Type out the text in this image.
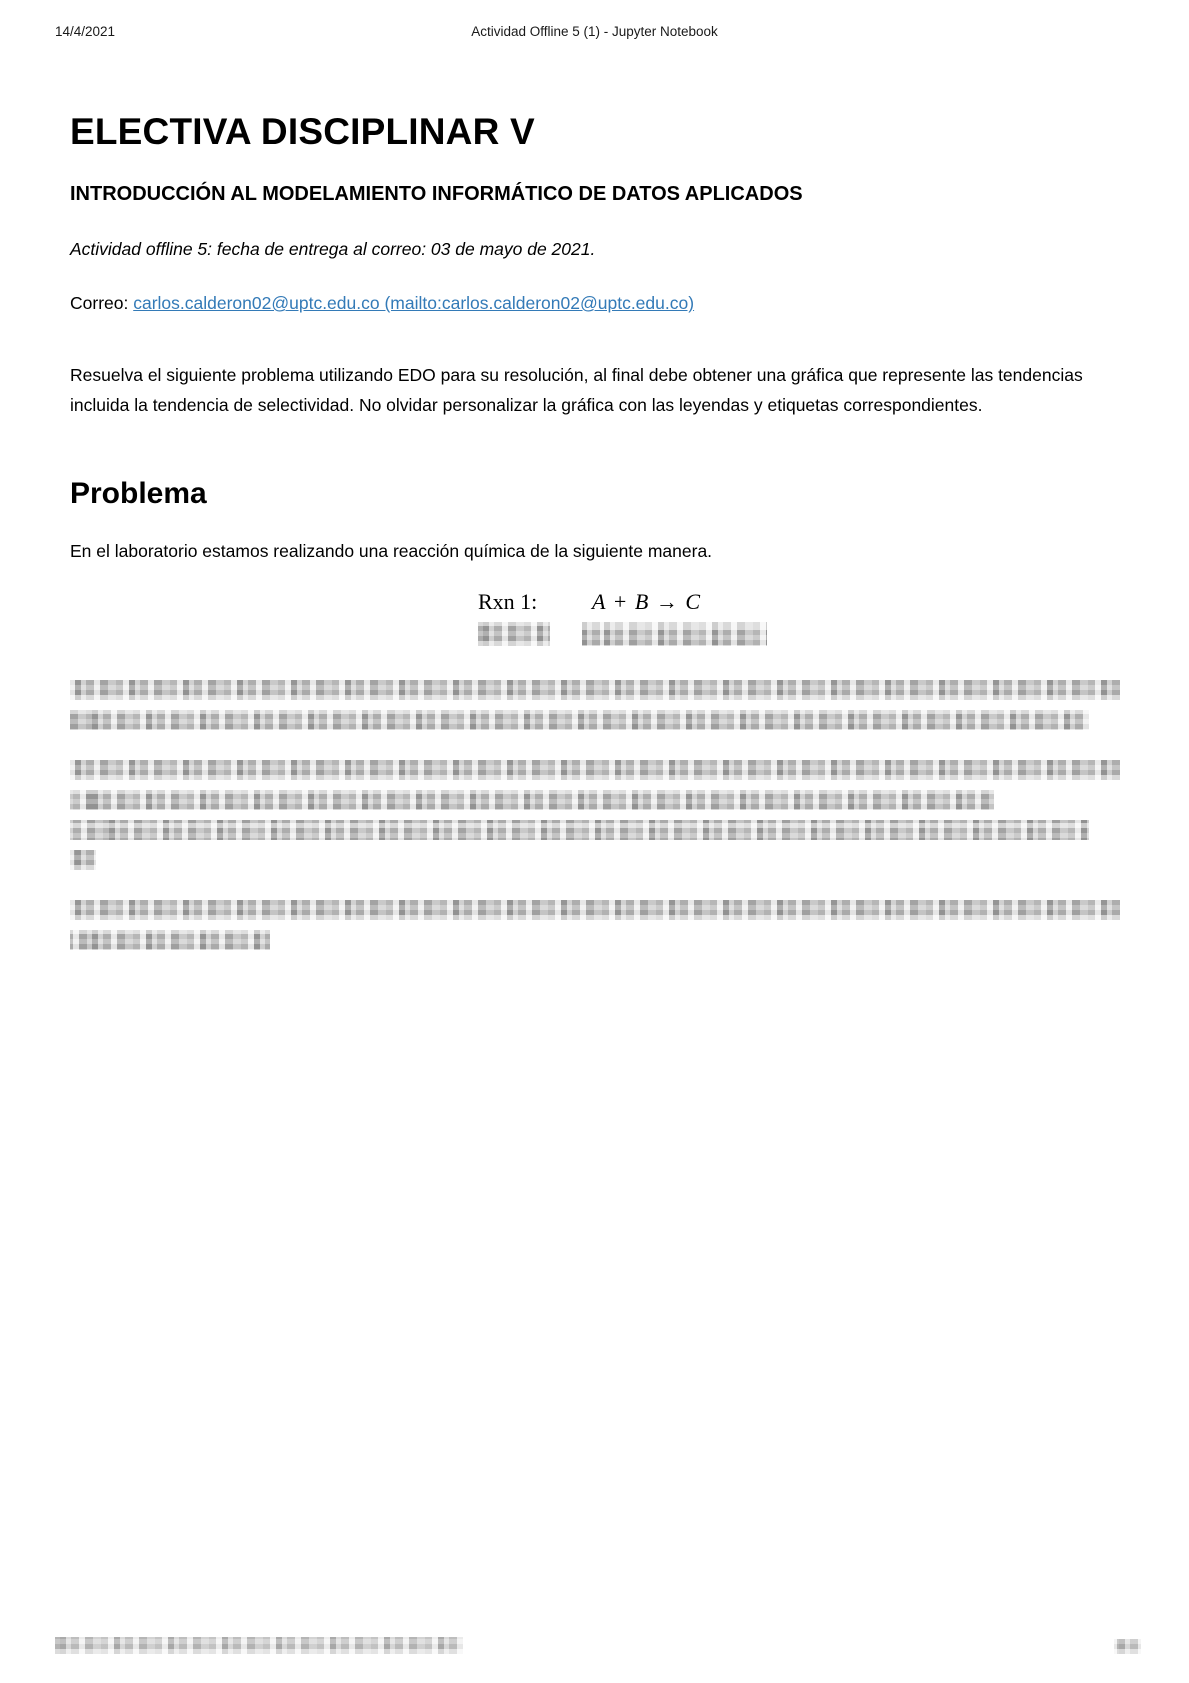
14/4/2021	Actividad Offline 5 (1) - Jupyter Notebook
ELECTIVA DISCIPLINAR V
INTRODUCCIÓN AL MODELAMIENTO INFORMÁTICO DE DATOS APLICADOS

Actividad offline 5: fecha de entrega al correo: 03 de mayo de 2021.

Correo: carlos.calderon02@uptc.edu.co (mailto:carlos.calderon02@uptc.edu.co)

Resuelva el siguiente problema utilizando EDO para su resolución, al final debe obtener una gráfica que represente las tendencias incluida la tendencia de selectividad. No olvidar personalizar la gráfica con las leyendas y etiquetas correspondientes.

Problema

En el laboratorio estamos realizando una reacción química de la siguiente manera.

Rxn 1:	A + B → C
